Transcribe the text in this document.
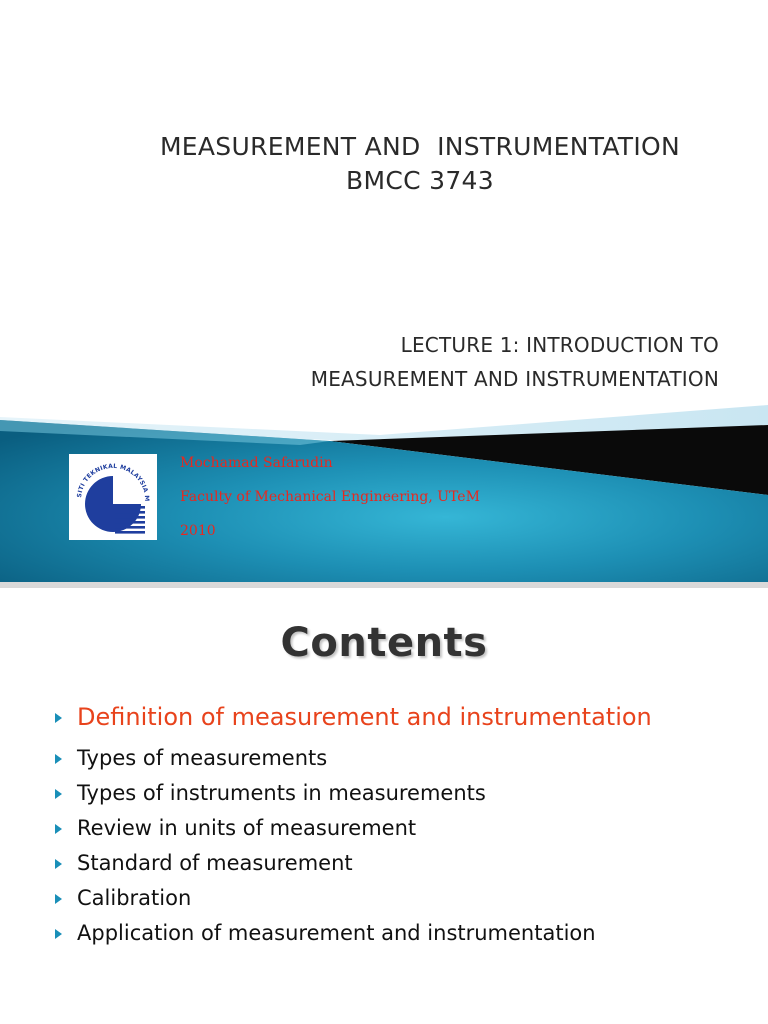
MEASUREMENT AND  INSTRUMENTATION
BMCC 3743
LECTURE 1: INTRODUCTION TO
MEASUREMENT AND INSTRUMENTATION
SITI TEKNIKAL MALAYSIA M
Mochamad Safarudin
Faculty of Mechanical Engineering, UTeM
2010
Contents
Definition of measurement and instrumentation
Types of measurements
Types of instruments in measurements
Review in units of measurement
Standard of measurement
Calibration
Application of measurement and instrumentation
